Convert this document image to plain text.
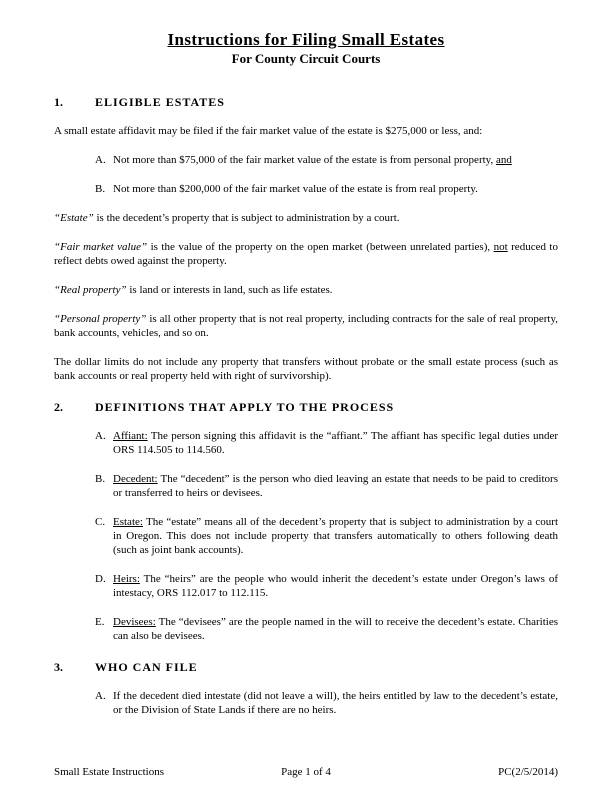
Instructions for Filing Small Estates
For County Circuit Courts
1.	ELIGIBLE ESTATES

A small estate affidavit may be filed if the fair market value of the estate is $275,000 or less, and:

A. Not more than $75,000 of the fair market value of the estate is from personal property, and
B. Not more than $200,000 of the fair market value of the estate is from real property.

“Estate” is the decedent’s property that is subject to administration by a court.

“Fair market value” is the value of the property on the open market (between unrelated parties), not reduced to reflect debts owed against the property.

“Real property” is land or interests in land, such as life estates.

“Personal property” is all other property that is not real property, including contracts for the sale of real property, bank accounts, vehicles, and so on.

The dollar limits do not include any property that transfers without probate or the small estate process (such as bank accounts or real property held with right of survivorship).

2.	DEFINITIONS THAT APPLY TO THE PROCESS
A. Affiant: The person signing this affidavit is the “affiant.” The affiant has specific legal duties under ORS 114.505 to 114.560.
B. Decedent: The “decedent” is the person who died leaving an estate that needs to be paid to creditors or transferred to heirs or devisees.
C. Estate: The “estate” means all of the decedent’s property that is subject to administration by a court in Oregon. This does not include property that transfers automatically to others following death (such as joint bank accounts).
D. Heirs: The “heirs” are the people who would inherit the decedent’s estate under Oregon’s laws of intestacy, ORS 112.017 to 112.115.
E. Devisees: The “devisees” are the people named in the will to receive the decedent’s estate. Charities can also be devisees.
3.	WHO CAN FILE
A. If the decedent died intestate (did not leave a will), the heirs entitled by law to the decedent’s estate, or the Division of State Lands if there are no heirs.
Small Estate Instructions	Page 1 of 4	PC(2/5/2014)
